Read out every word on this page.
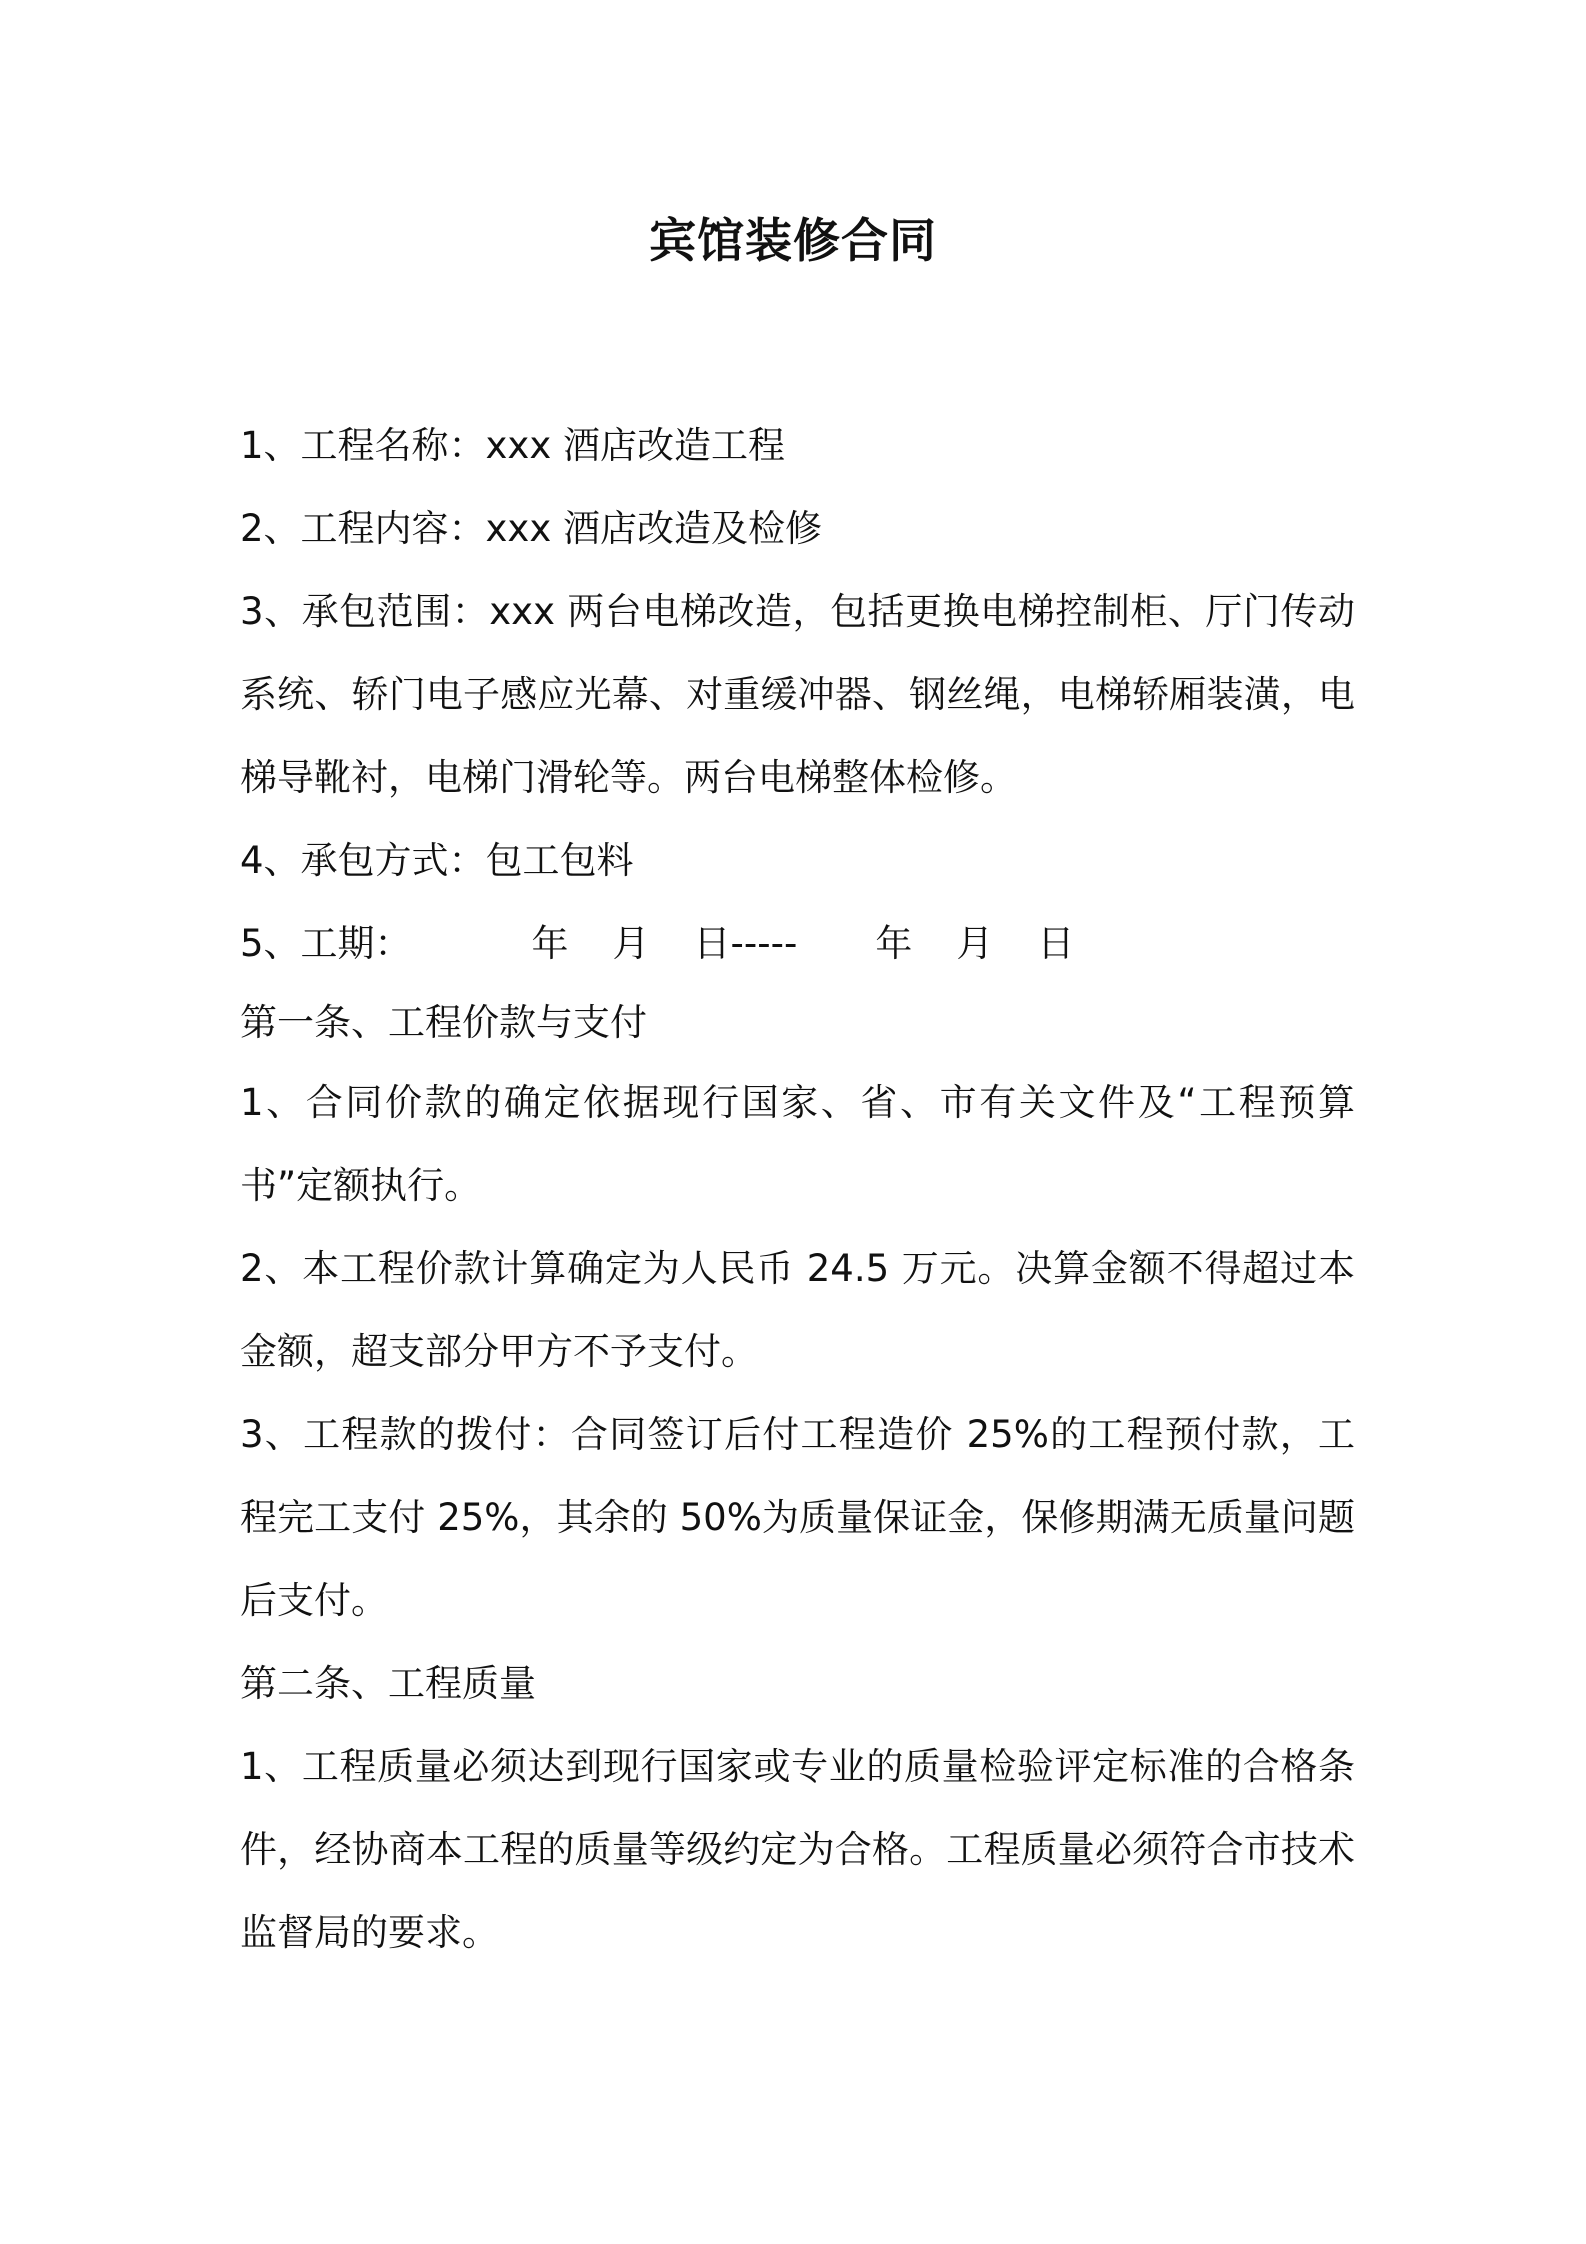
宾馆装修合同

1、工程名称：xxx 酒店改造工程

2、工程内容：xxx 酒店改造及检修

3、承包范围：xxx 两台电梯改造，包括更换电梯控制柜、厅门传动系统、轿门电子感应光幕、对重缓冲器、钢丝绳，电梯轿厢装潢，电梯导靴衬，电梯门滑轮等。两台电梯整体检修。

4、承包方式：包工包料

5、工期：	年 月 日 ----- 年 月 日

第一条、工程价款与支付

1、合同价款的确定依据现行国家、省、市有关文件及“工程预算书”定额执行。

2、本工程价款计算确定为人民币 24.5 万元。决算金额不得超过本金额，超支部分甲方不予支付。

3、工程款的拨付：合同签订后付工程造价 25%的工程预付款，工程完工支付 25%，其余的 50%为质量保证金，保修期满无质量问题后支付。

第二条、工程质量

1、工程质量必须达到现行国家或专业的质量检验评定标准的合格条件，经协商本工程的质量等级约定为合格。工程质量必须符合市技术监督局的要求。
